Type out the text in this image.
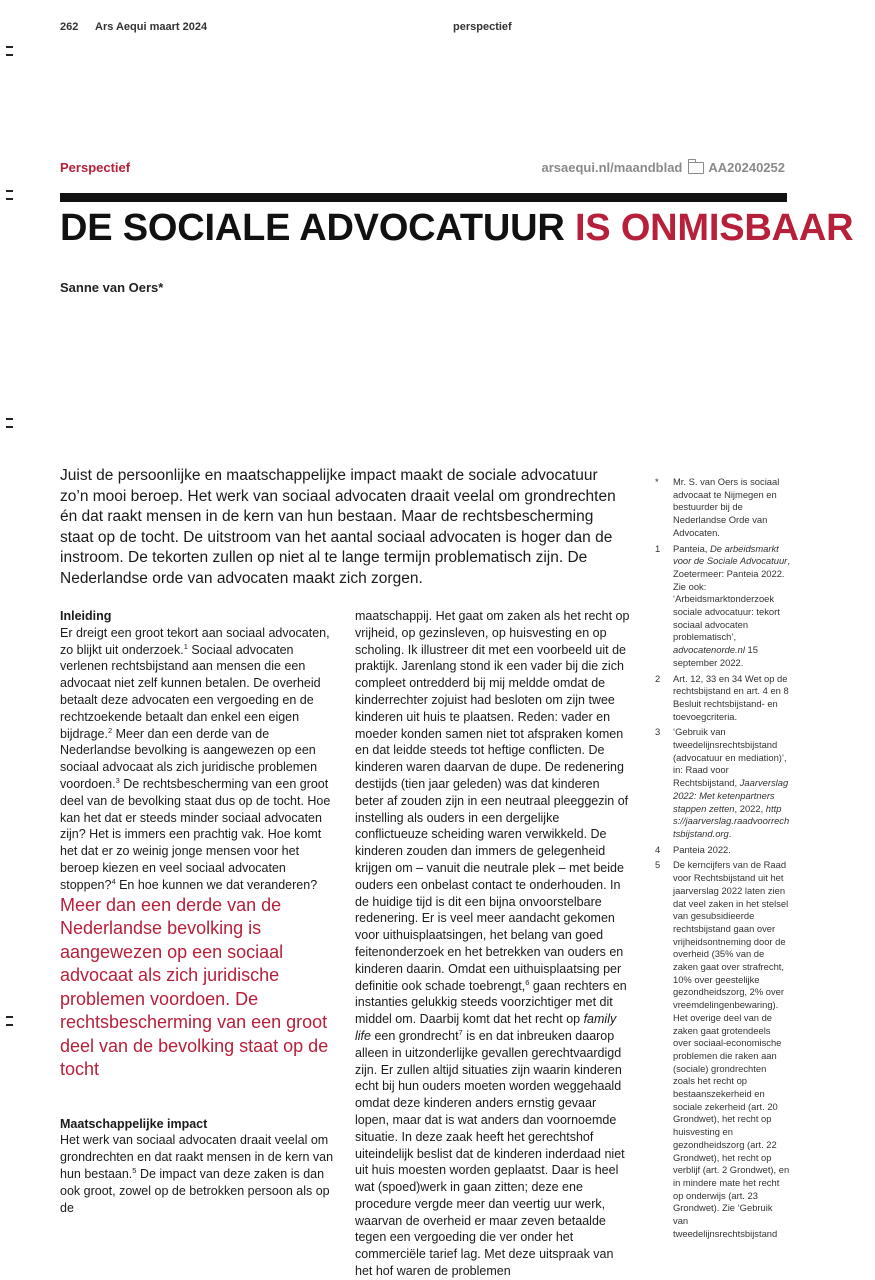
262 Ars Aequi maart 2024	perspectief
Perspectief	arsaequi.nl/maandblad AA20240252
DE SOCIALE ADVOCATUUR IS ONMISBAAR
Sanne van Oers*

Juist de persoonlijke en maatschappelijke impact maakt de sociale advocatuur zo’n mooi beroep. Het werk van sociaal advocaten draait veelal om grondrechten én dat raakt mensen in de kern van hun bestaan. Maar de rechtsbescherming staat op de tocht. De uitstroom van het aantal sociaal advocaten is hoger dan de instroom. De tekorten zullen op niet al te lange termijn problematisch zijn. De Nederlandse orde van advocaten maakt zich zorgen.

Inleiding

Er dreigt een groot tekort aan sociaal advocaten, zo blijkt uit onderzoek.$^1$ Sociaal advocaten verlenen rechtsbijstand aan mensen die een advocaat niet zelf kunnen betalen. De overheid betaalt deze advocaten een vergoeding en de rechtzoekende betaalt dan enkel een eigen bijdrage.$^2$ Meer dan een derde van de Nederlandse bevolking is aangewezen op een sociaal advocaat als zich juridische problemen voordoen.$^3$ De rechtsbescherming van een groot deel van de bevolking staat dus op de tocht. Hoe kan het dat er steeds minder sociaal advocaten zijn? Het is immers een prachtig vak. Hoe komt het dat er zo weinig jonge mensen voor het beroep kiezen en veel sociaal advocaten stoppen?$^4$ En hoe kunnen we dat veranderen?

Meer dan een derde van de Nederlandse bevolking is aangewezen op een sociaal advocaat als zich juridische problemen voordoen. De rechtsbescherming van een groot deel van de bevolking staat op de tocht

Maatschappelijke impact

Het werk van sociaal advocaten draait veelal om grondrechten en dat raakt mensen in de kern van hun bestaan.$^5$ De impact van deze zaken is dan ook groot, zowel op de betrokken persoon als op de

maatschappij. Het gaat om zaken als het recht op vrijheid, op gezinsleven, op huisvesting en op scholing. Ik illustreer dit met een voorbeeld uit de praktijk. Jarenlang stond ik een vader bij die zich compleet ontredderd bij mij meldde omdat de kinderrechter zojuist had besloten om zijn twee kinderen uit huis te plaatsen. Reden: vader en moeder konden samen niet tot afspraken komen en dat leidde steeds tot heftige conflicten. De kinderen waren daarvan de dupe. De redenering destijds (tien jaar geleden) was dat kinderen beter af zouden zijn in een neutraal pleeggezin of instelling als ouders in een dergelijke conflictueuze scheiding waren verwikkeld. De kinderen zouden dan immers de gelegenheid krijgen om – vanuit die neutrale plek – met beide ouders een onbelast contact te onderhouden. In de huidige tijd is dit een bijna onvoorstelbare redenering. Er is veel meer aandacht gekomen voor uithuisplaatsingen, het belang van goed feitenonderzoek en het betrekken van ouders en kinderen daarin. Omdat een uithuisplaatsing per definitie ook schade toebrengt,$^6$ gaan rechters en instanties gelukkig steeds voorzichtiger met dit middel om. Daarbij komt dat het recht op family life een grondrecht$^7$ is en dat inbreuken daarop alleen in uitzonderlijke gevallen gerechtvaardigd zijn. Er zullen altijd situaties zijn waarin kinderen echt bij hun ouders moeten worden weggehaald omdat deze kinderen anders ernstig gevaar lopen, maar dat is wat anders dan voornoemde situatie. In deze zaak heeft het gerechtshof uiteindelijk beslist dat de kinderen inderdaad niet uit huis moesten worden geplaatst. Daar is heel wat (spoed)werk in gaan zitten; deze ene procedure vergde meer dan veertig uur werk, waarvan de overheid er maar zeven betaalde tegen een vergoeding die ver onder het commerciële tarief lag. Met deze uitspraak van het hof waren de problemen

*	Mr. S. van Oers is sociaal advocaat te Nijmegen en bestuurder bij de Nederlandse Orde van Advocaten.
1	Panteia, De arbeidsmarkt voor de Sociale Advocatuur, Zoetermeer: Panteia 2022. Zie ook: ‘Arbeidsmarktonderzoek sociale advocatuur: tekort sociaal advocaten problematisch’, advocatenorde.nl 15 september 2022.
2	Art. 12, 33 en 34 Wet op de rechtsbijstand en art. 4 en 8 Besluit rechtsbijstand- en toevoegcriteria.
3	‘Gebruik van tweedelijnsrechtsbijstand (advocatuur en mediation)’, in: Raad voor Rechtsbijstand, Jaarverslag 2022: Met ketenpartners stappen zetten, 2022, https://jaarverslag.raadvoorrechtsbijstand.org.
4	Panteia 2022.
5	De kerncijfers van de Raad voor Rechtsbijstand uit het jaarverslag 2022 laten zien dat veel zaken in het stelsel van gesubsidieerde rechtsbijstand gaan over vrijheidsontneming door de overheid (35% van de zaken gaat over strafrecht, 10% over geestelijke gezondheidszorg, 2% over vreemdelingenbewaring). Het overige deel van de zaken gaat grotendeels over sociaal-economische problemen die raken aan (sociale) grondrechten zoals het recht op bestaanszekerheid en sociale zekerheid (art. 20 Grondwet), het recht op huisvesting en gezondheidszorg (art. 22 Grondwet), het recht op verblijf (art. 2 Grondwet), en in mindere mate het recht op onderwijs (art. 23 Grondwet). Zie ‘Gebruik van tweedelijnsrechtsbijstand
